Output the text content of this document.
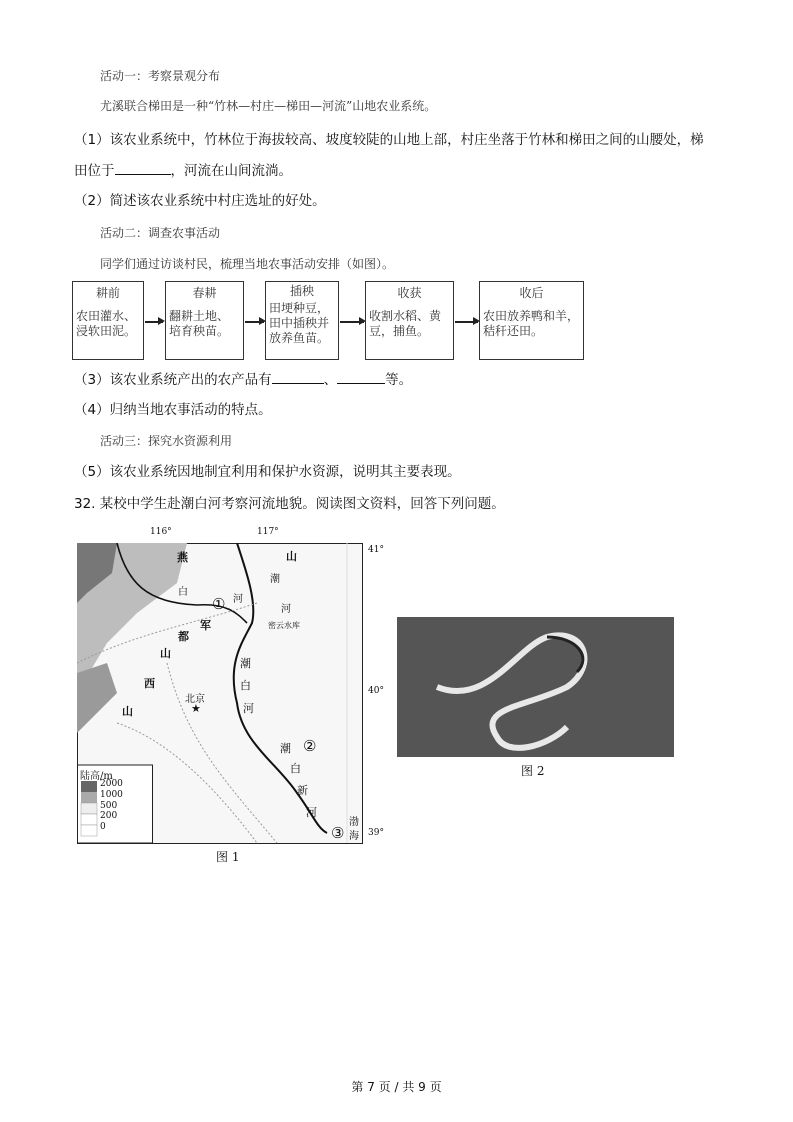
活动一：考察景观分布
尤溪联合梯田是一种“竹林—村庄—梯田—河流”山地农业系统。
（1）该农业系统中，竹林位于海拔较高、坡度较陡的山地上部，村庄坐落于竹林和梯田之间的山腰处，梯
田位于	，河流在山间流淌。
（2）简述该农业系统中村庄选址的好处。
活动二：调查农事活动
同学们通过访谈村民，梳理当地农事活动安排（如图）。
耕前
农田灌水、浸软田泥。
春耕
翻耕土地、培育秧苗。
插秧
田埂种豆，田中插秧并放养鱼苗。
收获
收割水稻、黄豆，捕鱼。
收后
农田放养鸭和羊，秸秆还田。
（3）该农业系统产出的农产品有	、	等。
（4）归纳当地农事活动的特点。
活动三：探究水资源利用
（5）该农业系统因地制宜利用和保护水资源，说明其主要表现。
32. 某校中学生赴潮白河考察河流地貌。阅读图文资料，回答下列问题。
116°	117°
41°
40°
39°
陆高/m
2000
1000
500
200
0
燕	山
白
河
潮
河
军
都
山
西
山
潮
白
河
潮
白
新
河
渤
海
密云水库
北京
★
①
②
③
图 1
图 2
第 7 页 / 共 9 页
